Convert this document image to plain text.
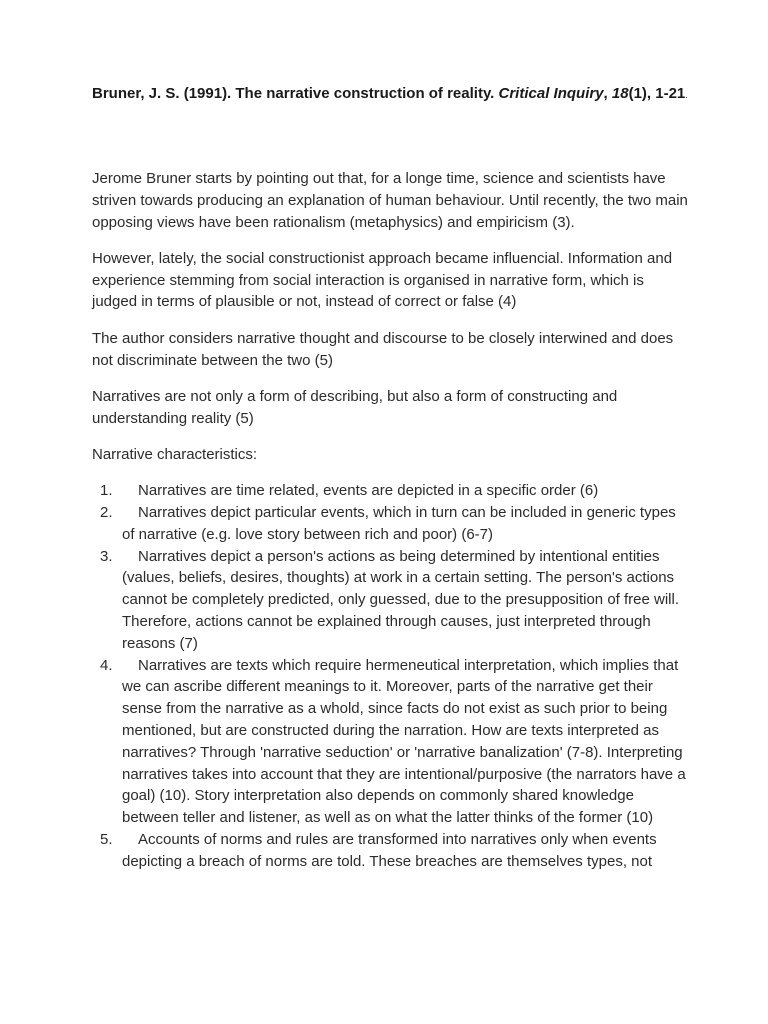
Bruner, J. S. (1991). The narrative construction of reality. Critical Inquiry, 18(1), 1-21.

Jerome Bruner starts by pointing out that, for a longe time, science and scientists have striven towards producing an explanation of human behaviour. Until recently, the two main opposing views have been rationalism (metaphysics) and empiricism (3).

However, lately, the social constructionist approach became influencial. Information and experience stemming from social interaction is organised in narrative form, which is judged in terms of plausible or not, instead of correct or false (4)

The author considers narrative thought and discourse to be closely interwined and does not discriminate between the two (5)

Narratives are not only a form of describing, but also a form of constructing and understanding reality (5)

Narrative characteristics:

1. Narratives are time related, events are depicted in a specific order (6)
2. Narratives depict particular events, which in turn can be included in generic types of narrative (e.g. love story between rich and poor) (6-7)
3. Narratives depict a person's actions as being determined by intentional entities (values, beliefs, desires, thoughts) at work in a certain setting. The person's actions cannot be completely predicted, only guessed, due to the presupposition of free will. Therefore, actions cannot be explained through causes, just interpreted through reasons (7)
4. Narratives are texts which require hermeneutical interpretation, which implies that we can ascribe different meanings to it. Moreover, parts of the narrative get their sense from the narrative as a whold, since facts do not exist as such prior to being mentioned, but are constructed during the narration. How are texts interpreted as narratives? Through 'narrative seduction' or 'narrative banalization' (7-8). Interpreting narratives takes into account that they are intentional/purposive (the narrators have a goal) (10). Story interpretation also depends on commonly shared knowledge between teller and listener, as well as on what the latter thinks of the former (10)
5. Accounts of norms and rules are transformed into narratives only when events depicting a breach of norms are told. These breaches are themselves types, not
